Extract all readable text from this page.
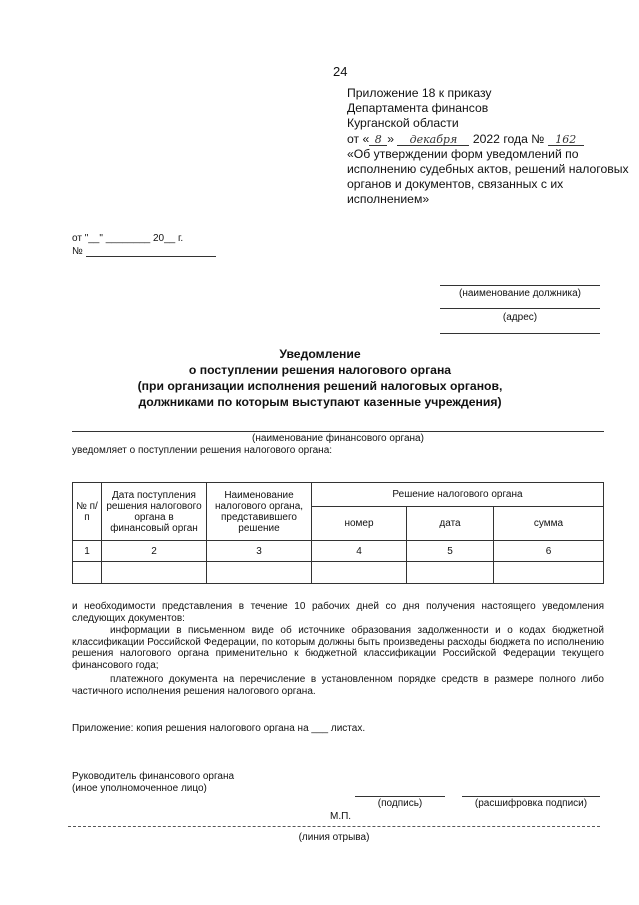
24
Приложение 18 к приказу
Департамента финансов
Курганской области
от « 8 » декабря 2022 года № 162
«Об утверждении форм уведомлений по исполнению судебных актов, решений налоговых органов и документов, связанных с их исполнением»
от "__" ________ 20__ г.
№
(наименование должника)
(адрес)
Уведомление
о поступлении решения налогового органа
(при организации исполнения решений налоговых органов,
должниками по которым выступают казенные учреждения)
(наименование финансового органа)
уведомляет о поступлении решения налогового органа:
№ п/п	Дата поступления решения налогового органа в финансовый орган	Наименование налогового органа, представившего решение	Решение налогового органа		
			номер	дата	сумма
1	2	3	4	5	6

и необходимости представления в течение 10 рабочих дней со дня получения настоящего уведомления следующих документов:
информации в письменном виде об источнике образования задолженности и о кодах бюджетной классификации Российской Федерации, по которым должны быть произведены расходы бюджета по исполнению решения налогового органа применительно к бюджетной классификации Российской Федерации текущего финансового года;
платежного документа на перечисление в установленном порядке средств в размере полного либо частичного исполнения решения налогового органа.
Приложение: копия решения налогового органа на ___ листах.
Руководитель финансового органа
(иное уполномоченное лицо)
(подпись)	(расшифровка подписи)
М.П.
(линия отрыва)
